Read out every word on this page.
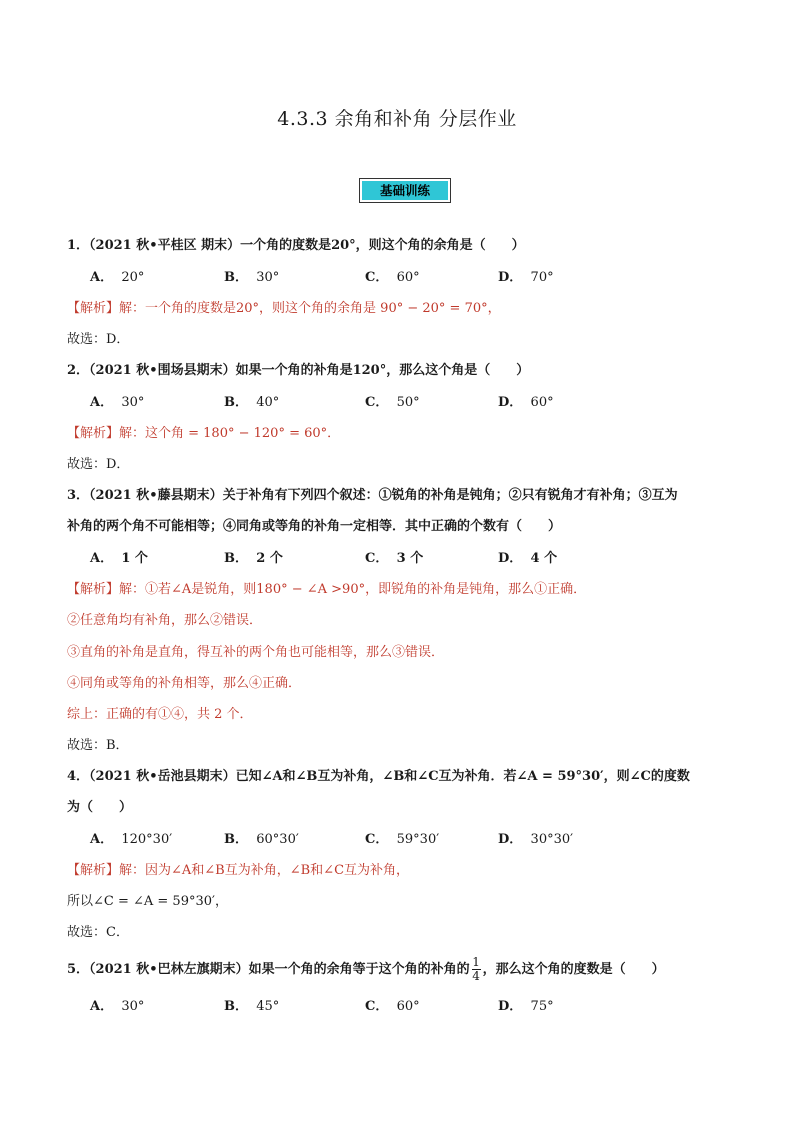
4.3.3 余角和补角 分层作业
基础训练
1．（2021 秋•平桂区 期末）一个角的度数是20°，则这个角的余角是（　　）
A． 20°	B． 30°	C． 60°	D． 70°
【解析】解：一个角的度数是20°，则这个角的余角是 90° − 20° = 70°，
故选：D．
2．（2021 秋•围场县期末）如果一个角的补角是120°，那么这个角是（　　）
A． 30°	B． 40°	C． 50°	D． 60°
【解析】解：这个角 = 180° − 120° = 60°．
故选：D．
3．（2021 秋•藤县期末）关于补角有下列四个叙述：①锐角的补角是钝角；②只有锐角才有补角；③互为
补角的两个角不可能相等；④同角或等角的补角一定相等．其中正确的个数有（　　）
A． 1 个	B． 2 个	C． 3 个	D． 4 个
【解析】解：①若∠A是锐角，则180° − ∠A >90°，即锐角的补角是钝角，那么①正确．
②任意角均有补角，那么②错误．
③直角的补角是直角，得互补的两个角也可能相等，那么③错误．
④同角或等角的补角相等，那么④正确．
综上：正确的有①④，共 2 个．
故选：B．
4．（2021 秋•岳池县期末）已知∠A和∠B互为补角，∠B和∠C互为补角．若∠A = 59°30′，则∠C的度数
为（　　）
A． 120°30′	B． 60°30′	C． 59°30′	D． 30°30′
【解析】解：因为∠A和∠B互为补角，∠B和∠C互为补角，
所以∠C = ∠A = 59°30′，
故选：C．
5．（2021 秋•巴林左旗期末）如果一个角的余角等于这个角的补角的 $\frac{1}{4}$ ，那么这个角的度数是（　　）
A． 30°	B． 45°	C． 60°	D． 75°
